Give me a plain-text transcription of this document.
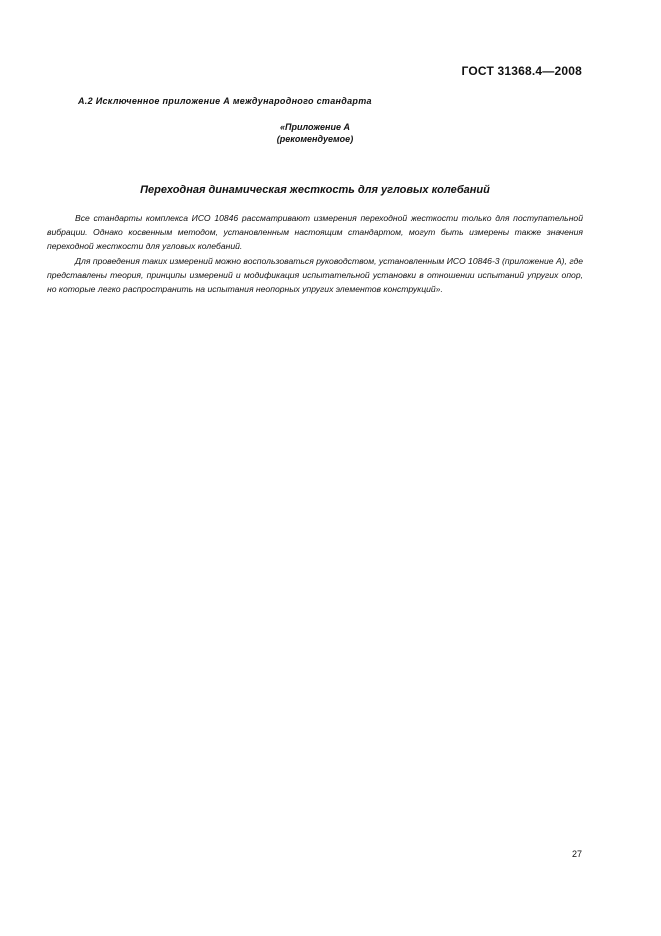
ГОСТ 31368.4—2008
А.2 Исключенное приложение А международного стандарта
«Приложение А
(рекомендуемое)
Переходная динамическая жесткость для угловых колебаний

Все стандарты комплекса ИСО 10846 рассматривают измерения переходной жесткости только для поступательной вибрации. Однако косвенным методом, установленным настоящим стандартом, могут быть измерены также значения переходной жесткости для угловых колебаний.

Для проведения таких измерений можно воспользоваться руководством, установленным ИСО 10846-3 (приложение А), где представлены теория, принципы измерений и модификация испытательной установки в отношении испытаний упругих опор, но которые легко распространить на испытания неопорных упругих элементов конструкций».

27
